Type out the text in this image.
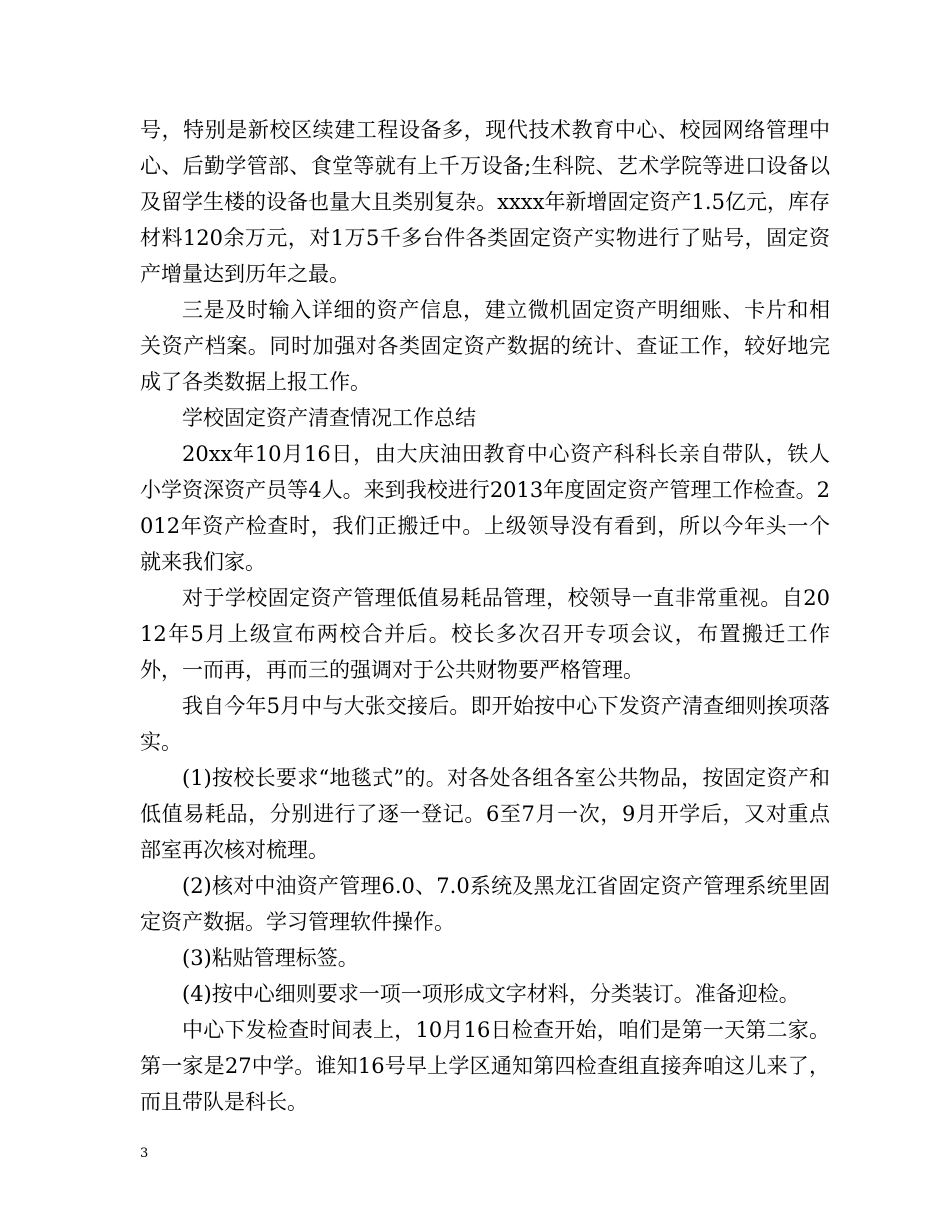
号，特别是新校区续建工程设备多，现代技术教育中心、校园网络管理中心、后勤学管部、食堂等就有上千万设备;生科院、艺术学院等进口设备以及留学生楼的设备也量大且类别复杂。xxxx年新增固定资产1.5亿元，库存材料120余万元，对1万5千多台件各类固定资产实物进行了贴号，固定资产增量达到历年之最。

三是及时输入详细的资产信息，建立微机固定资产明细账、卡片和相关资产档案。同时加强对各类固定资产数据的统计、查证工作，较好地完成了各类数据上报工作。

学校固定资产清查情况工作总结

20xx年10月16日，由大庆油田教育中心资产科科长亲自带队，铁人小学资深资产员等4人。来到我校进行2013年度固定资产管理工作检查。2012年资产检查时，我们正搬迁中。上级领导没有看到，所以今年头一个就来我们家。

对于学校固定资产管理低值易耗品管理，校领导一直非常重视。自2012年5月上级宣布两校合并后。校长多次召开专项会议，布置搬迁工作外，一而再，再而三的强调对于公共财物要严格管理。

我自今年5月中与大张交接后。即开始按中心下发资产清查细则挨项落实。

(1)按校长要求“地毯式”的。对各处各组各室公共物品，按固定资产和低值易耗品，分别进行了逐一登记。6至7月一次，9月开学后，又对重点部室再次核对梳理。

(2)核对中油资产管理6.0、7.0系统及黑龙江省固定资产管理系统里固定资产数据。学习管理软件操作。

(3)粘贴管理标签。

(4)按中心细则要求一项一项形成文字材料，分类装订。准备迎检。

中心下发检查时间表上，10月16日检查开始，咱们是第一天第二家。第一家是27中学。谁知16号早上学区通知第四检查组直接奔咱这儿来了，而且带队是科长。

3
